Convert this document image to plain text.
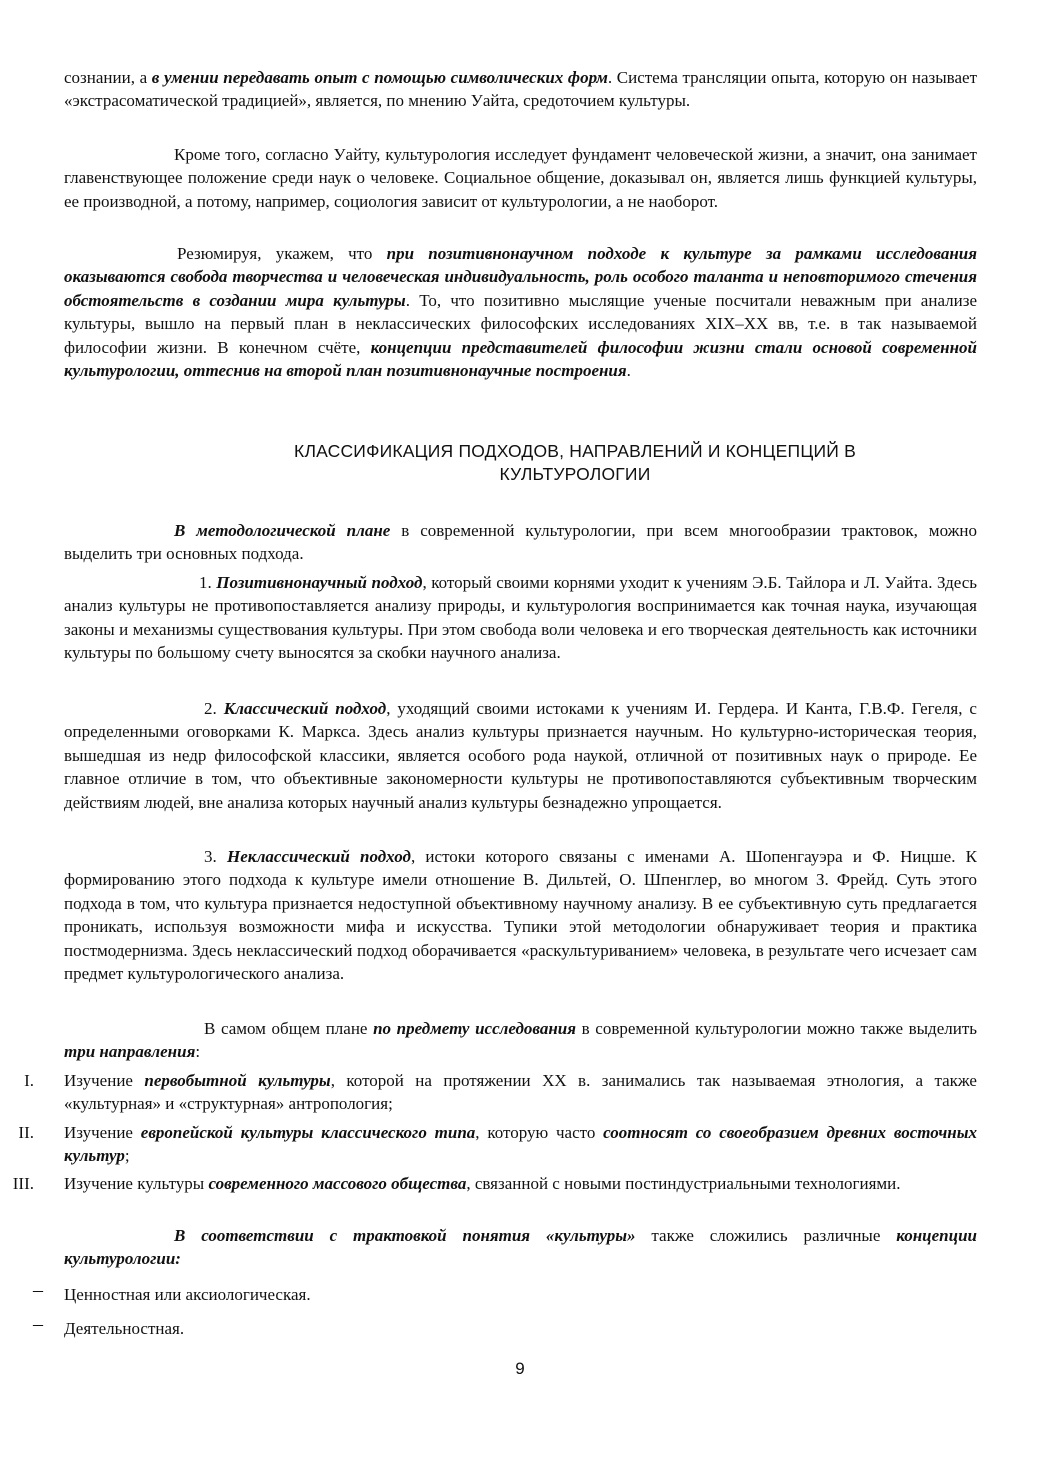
сознании, а в умении передавать опыт с помощью символических форм. Система трансляции опыта, которую он называет «экстрасоматической традицией», является, по мнению Уайта, средоточием культуры.

Кроме того, согласно Уайту, культурология исследует фундамент человеческой жизни, а значит, она занимает главенствующее положение среди наук о человеке. Социальное общение, доказывал он, является лишь функцией культуры, ее производной, а потому, например, социология зависит от культурологии, а не наоборот.

Резюмируя, укажем, что при позитивнонаучном подходе к культуре за рамками исследования оказываются свобода творчества и человеческая индивидуальность, роль особого таланта и неповторимого стечения обстоятельств в создании мира культуры. То, что позитивно мыслящие ученые посчитали неважным при анализе культуры, вышло на первый план в неклассических философских исследованиях XIX–XX вв, т.е. в так называемой философии жизни. В конечном счёте, концепции представителей философии жизни стали основой современной культурологии, оттеснив на второй план позитивнонаучные построения.

КЛАССИФИКАЦИЯ ПОДХОДОВ, НАПРАВЛЕНИЙ И КОНЦЕПЦИЙ В
КУЛЬТУРОЛОГИИ

В методологической плане в современной культурологии, при всем многообразии трактовок, можно выделить три основных подхода.

1. Позитивнонаучный подход, который своими корнями уходит к учениям Э.Б. Тайлора и Л. Уайта. Здесь анализ культуры не противопоставляется анализу природы, и культурология воспринимается как точная наука, изучающая законы и механизмы существования культуры. При этом свобода воли человека и его творческая деятельность как источники культуры по большому счету выносятся за скобки научного анализа.

2. Классический подход, уходящий своими истоками к учениям И. Гердера. И Канта, Г.В.Ф. Гегеля, с определенными оговорками К. Маркса. Здесь анализ культуры признается научным. Но культурно-историческая теория, вышедшая из недр философской классики, является особого рода наукой, отличной от позитивных наук о природе. Ее главное отличие в том, что объективные закономерности культуры не противопоставляются субъективным творческим действиям людей, вне анализа которых научный анализ культуры безнадежно упрощается.

3. Неклассический подход, истоки которого связаны с именами А. Шопенгауэра и Ф. Ницше. К формированию этого подхода к культуре имели отношение В. Дильтей, О. Шпенглер, во многом З. Фрейд. Суть этого подхода в том, что культура признается недоступной объективному научному анализу. В ее субъективную суть предлагается проникать, используя возможности мифа и искусства. Тупики этой методологии обнаруживает теория и практика постмодернизма. Здесь неклассический подход оборачивается «раскультуриванием» человека, в результате чего исчезает сам предмет культурологического анализа.

В самом общем плане по предмету исследования в современной культурологии можно также выделить три направления:

I. Изучение первобытной культуры, которой на протяжении XX в. занимались так называемая этнология, а также «культурная» и «структурная» антропология;
II. Изучение европейской культуры классического типа, которую часто соотносят со своеобразием древних восточных культур;
III. Изучение культуры современного массового общества, связанной с новыми постиндустриальными технологиями.

В соответствии с трактовкой понятия «культуры» также сложились различные концепции культурологии:

– Ценностная или аксиологическая.
– Деятельностная.
9
